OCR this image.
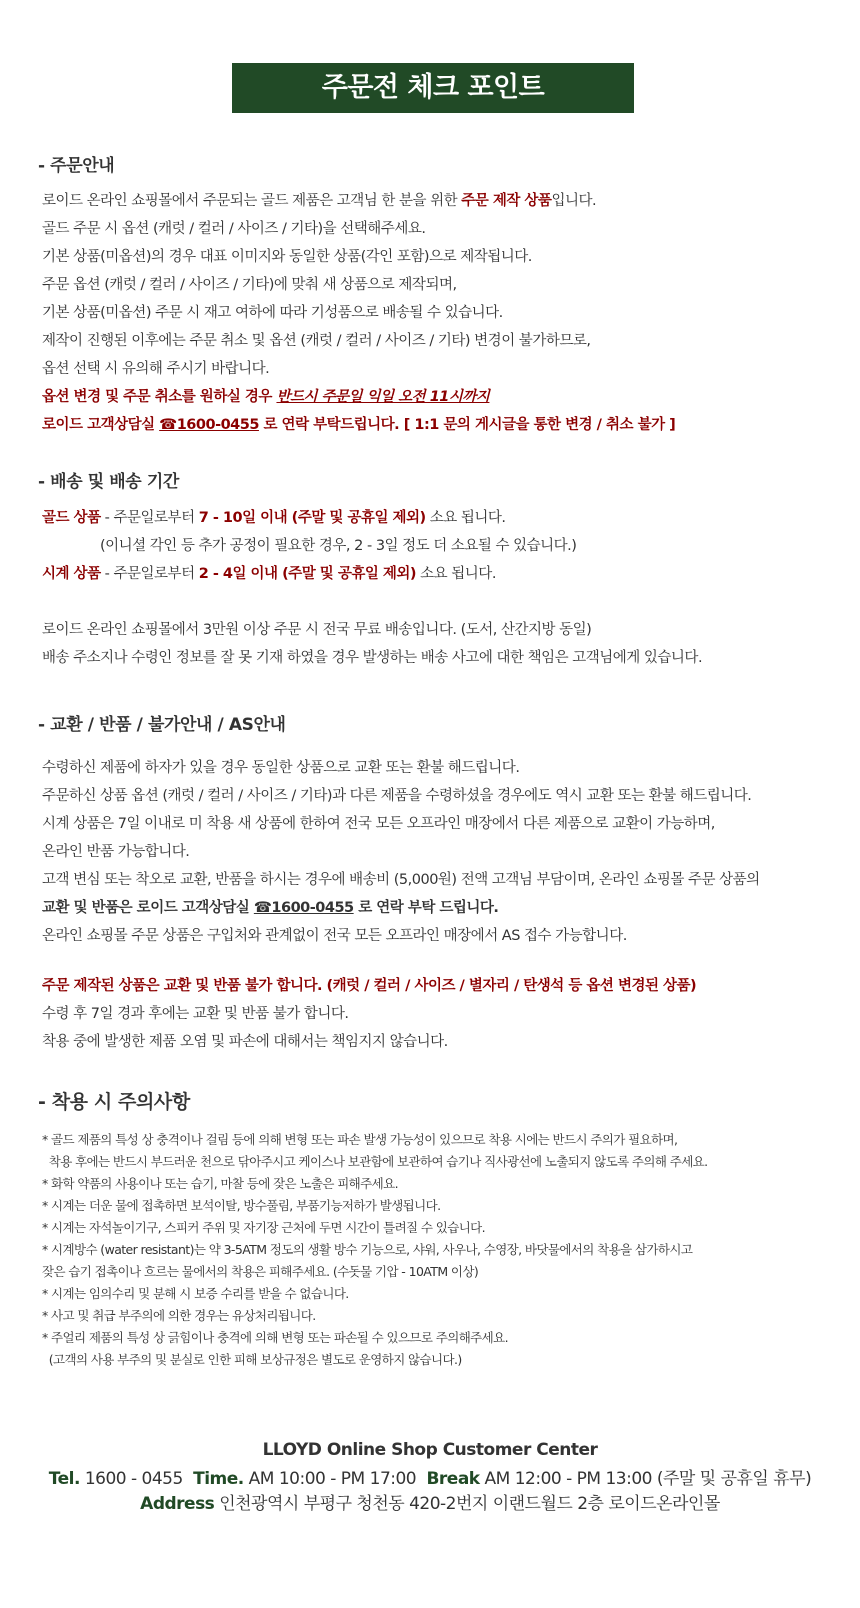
주문전 체크 포인트
- 주문안내
로이드 온라인 쇼핑몰에서 주문되는 골드 제품은 고객님 한 분을 위한 주문 제작 상품입니다.
골드 주문 시 옵션 (캐럿 / 컬러 / 사이즈 / 기타)을 선택해주세요.
기본 상품(미옵션)의 경우 대표 이미지와 동일한 상품(각인 포함)으로 제작됩니다.
주문 옵션 (캐럿 / 컬러 / 사이즈 / 기타)에 맞춰 새 상품으로 제작되며,
기본 상품(미옵션) 주문 시 재고 여하에 따라 기성품으로 배송될 수 있습니다.
제작이 진행된 이후에는 주문 취소 및 옵션 (캐럿 / 컬러 / 사이즈 / 기타) 변경이 불가하므로,
옵션 선택 시 유의해 주시기 바랍니다.
옵션 변경 및 주문 취소를 원하실 경우 반드시 주문일 익일 오전 11시까지
로이드 고객상담실 ☎1600-0455 로 연락 부탁드립니다. [ 1:1 문의 게시글을 통한 변경 / 취소 불가 ]
- 배송 및 배송 기간
골드 상품 - 주문일로부터 7 - 10일 이내 (주말 및 공휴일 제외) 소요 됩니다.
(이니셜 각인 등 추가 공정이 필요한 경우, 2 - 3일 정도 더 소요될 수 있습니다.)
시계 상품 - 주문일로부터 2 - 4일 이내 (주말 및 공휴일 제외) 소요 됩니다.
로이드 온라인 쇼핑몰에서 3만원 이상 주문 시 전국 무료 배송입니다. (도서, 산간지방 동일)
배송 주소지나 수령인 정보를 잘 못 기재 하였을 경우 발생하는 배송 사고에 대한 책임은 고객님에게 있습니다.
- 교환 / 반품 / 불가안내 / AS안내
수령하신 제품에 하자가 있을 경우 동일한 상품으로 교환 또는 환불 해드립니다.
주문하신 상품 옵션 (캐럿 / 컬러 / 사이즈 / 기타)과 다른 제품을 수령하셨을 경우에도 역시 교환 또는 환불 해드립니다.
시계 상품은 7일 이내로 미 착용 새 상품에 한하여 전국 모든 오프라인 매장에서 다른 제품으로 교환이 가능하며,
온라인 반품 가능합니다.
고객 변심 또는 착오로 교환, 반품을 하시는 경우에 배송비 (5,000원) 전액 고객님 부담이며, 온라인 쇼핑몰 주문 상품의
교환 및 반품은 로이드 고객상담실 ☎1600-0455 로 연락 부탁 드립니다.
온라인 쇼핑몰 주문 상품은 구입처와 관계없이 전국 모든 오프라인 매장에서 AS 접수 가능합니다.
주문 제작된 상품은 교환 및 반품 불가 합니다. (캐럿 / 컬러 / 사이즈 / 별자리 / 탄생석 등 옵션 변경된 상품)
수령 후 7일 경과 후에는 교환 및 반품 불가 합니다.
착용 중에 발생한 제품 오염 및 파손에 대해서는 책임지지 않습니다.
- 착용 시 주의사항
* 골드 제품의 특성 상 충격이나 걸림 등에 의해 변형 또는 파손 발생 가능성이 있으므로 착용 시에는 반드시 주의가 필요하며,
착용 후에는 반드시 부드러운 천으로 닦아주시고 케이스나 보관함에 보관하여 습기나 직사광선에 노출되지 않도록 주의해 주세요.
* 화학 약품의 사용이나 또는 습기, 마찰 등에 잦은 노출은 피해주세요.
* 시계는 더운 물에 접촉하면 보석이탈, 방수풀림, 부품기능저하가 발생됩니다.
* 시계는 자석놀이기구, 스피커 주위 및 자기장 근처에 두면 시간이 틀려질 수 있습니다.
* 시계방수 (water resistant)는 약 3-5ATM 정도의 생활 방수 기능으로, 샤워, 사우나, 수영장, 바닷물에서의 착용을 삼가하시고
잦은 습기 접촉이나 흐르는 물에서의 착용은 피해주세요. (수돗물 기압 - 10ATM 이상)
* 시계는 임의수리 및 분해 시 보증 수리를 받을 수 없습니다.
* 사고 및 취급 부주의에 의한 경우는 유상처리됩니다.
* 주얼리 제품의 특성 상 긁힘이나 충격에 의해 변형 또는 파손될 수 있으므로 주의해주세요.
(고객의 사용 부주의 및 분실로 인한 피해 보상규정은 별도로 운영하지 않습니다.)
LLOYD Online Shop Customer Center
Tel. 1600 - 0455  Time. AM 10:00 - PM 17:00  Break AM 12:00 - PM 13:00 (주말 및 공휴일 휴무)
Address 인천광역시 부평구 청천동 420-2번지 이랜드월드 2층 로이드온라인몰
